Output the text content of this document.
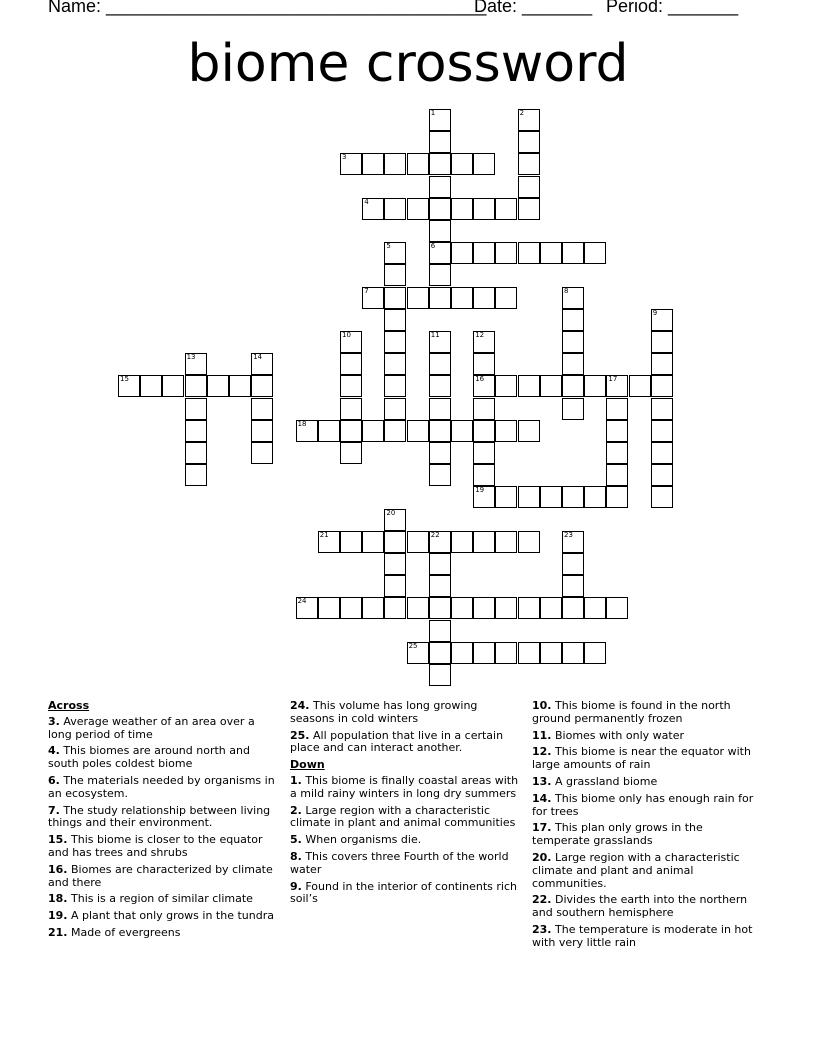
Name: ______________________________________
Date: _______ Period: _______
biome crossword
1
6
2
3
4
5
7	8
9
10	11	12
16
13	14
15	17
18
19
20
21	22	23
24
25
Across
3. Average weather of an area over a long period of time
4. This biomes are around north and south poles coldest biome
6. The materials needed by organisms in an ecosystem.
7. The study relationship between living things and their environment.
15. This biome is closer to the equator and has trees and shrubs
16. Biomes are characterized by climate and there
18. This is a region of similar climate
19. A plant that only grows in the tundra
21. Made of evergreens
24. This volume has long growing seasons in cold winters
25. All population that live in a certain place and can interact another.
Down
1. This biome is finally coastal areas with a mild rainy winters in long dry summers
2. Large region with a characteristic climate in plant and animal communities
5. When organisms die.
8. This covers three Fourth of the world water
9. Found in the interior of continents rich soil’s
10. This biome is found in the north ground permanently frozen
11. Biomes with only water
12. This biome is near the equator with large amounts of rain
13. A grassland biome
14. This biome only has enough rain for for trees
17. This plan only grows in the temperate grasslands
20. Large region with a characteristic climate and plant and animal communities.
22. Divides the earth into the northern and southern hemisphere
23. The temperature is moderate in hot with very little rain
